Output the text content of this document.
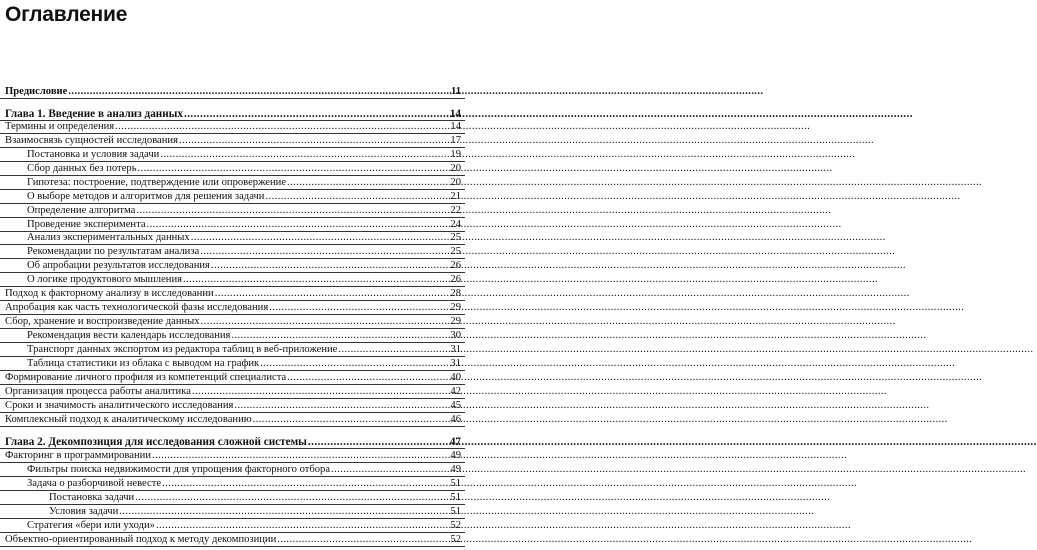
Оглавление
Предисловие .....	11
Глава 1. Введение в анализ данных .....	14
Термины и определения .....	14
Взаимосвязь сущностей исследования .....	17
Постановка и условия задачи .....	19
Сбор данных без потерь .....	20
Гипотеза: построение, подтверждение или опровержение .....	20
О выборе методов и алгоритмов для решения задачи .....	21
Определение алгоритма .....	22
Проведение эксперимента .....	24
Анализ экспериментальных данных .....	25
Рекомендации по результатам анализа .....	25
Об апробации результатов исследования .....	26
О логике продуктового мышления .....	26
Подход к факторному анализу в исследовании .....	28
Апробация как часть технологической фазы исследования .....	29
Сбор, хранение и воспроизведение данных .....	29
Рекомендация вести календарь исследования .....	30
Транспорт данных экспортом из редактора таблиц в веб-приложение .....	31
Таблица статистики из облака с выводом на график .....	31
Формирование личного профиля из компетенций специалиста .....	40
Организация процесса работы аналитика .....	42
Сроки и значимость аналитического исследования .....	45
Комплексный подход к аналитическому исследованию .....	46
Глава 2. Декомпозиция для исследования сложной системы .....	47
Факторинг в программировании .....	49
Фильтры поиска недвижимости для упрощения факторного отбора .....	49
Задача о разборчивой невесте .....	51
Постановка задачи .....	51
Условия задачи .....	51
Стратегия «бери или уходи» .....	52
Объектно-ориентированный подход к методу декомпозиции .....	52
